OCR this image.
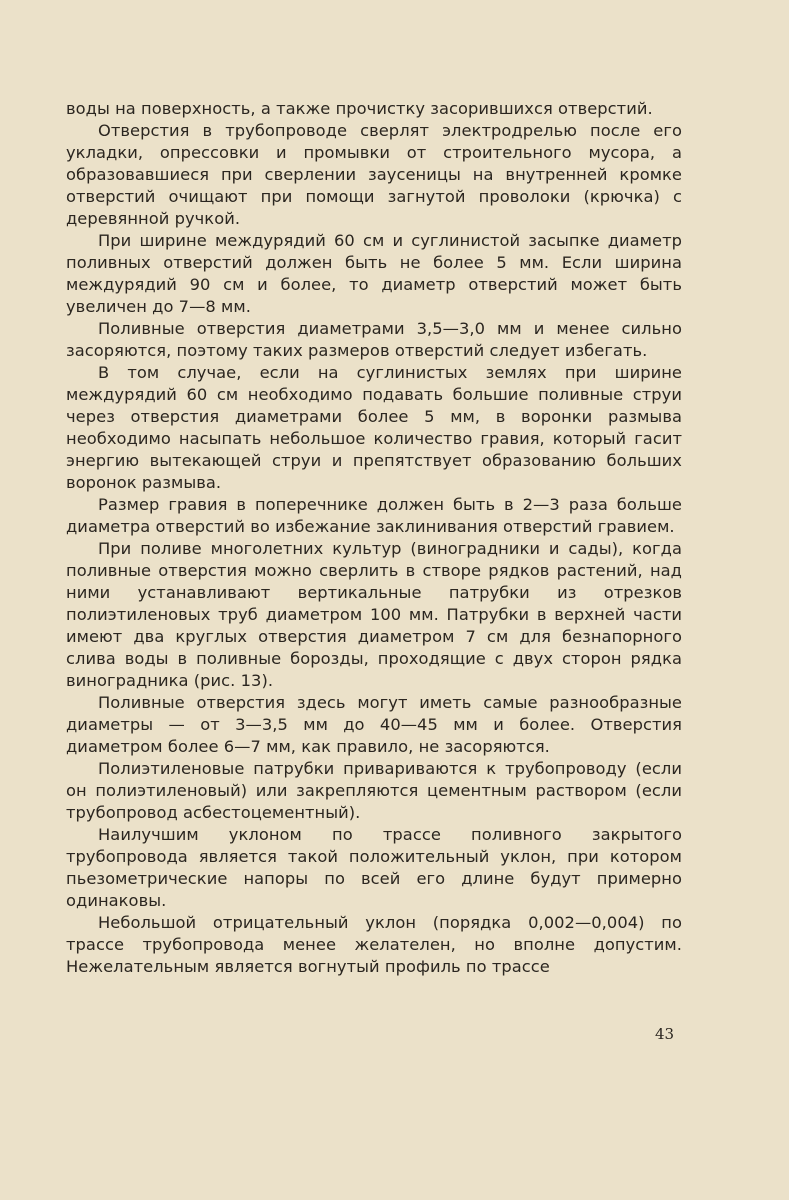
воды на поверхность, а также прочистку засорившихся отверстий.

Отверстия в трубопроводе сверлят электродрелью после его укладки, опрессовки и промывки от строительного мусора, а образовавшиеся при сверлении заусеницы на внутренней кромке отверстий очищают при помощи загнутой проволоки (крючка) с деревянной ручкой.

При ширине междурядий 60 см и суглинистой засыпке диаметр поливных отверстий должен быть не более 5 мм. Если ширина междурядий 90 см и более, то диаметр отверстий может быть увеличен до 7—8 мм.

Поливные отверстия диаметрами 3,5—3,0 мм и менее сильно засоряются, поэтому таких размеров отверстий следует избегать.

В том случае, если на суглинистых землях при ширине междурядий 60 см необходимо подавать большие поливные струи через отверстия диаметрами более 5 мм, в воронки размыва необходимо насыпать небольшое количество гравия, который гасит энергию вытекающей струи и препятствует образованию больших воронок размыва.

Размер гравия в поперечнике должен быть в 2—3 раза больше диаметра отверстий во избежание заклинивания отверстий гравием.

При поливе многолетних культур (виноградники и сады), когда поливные отверстия можно сверлить в створе рядков растений, над ними устанавливают вертикальные патрубки из отрезков полиэтиленовых труб диаметром 100 мм. Патрубки в верхней части имеют два круглых отверстия диаметром 7 см для безнапорного слива воды в поливные борозды, проходящие с двух сторон рядка виноградника (рис. 13).

Поливные отверстия здесь могут иметь самые разнообразные диаметры — от 3—3,5 мм до 40—45 мм и более. Отверстия диаметром более 6—7 мм, как правило, не засоряются.

Полиэтиленовые патрубки привариваются к трубопроводу (если он полиэтиленовый) или закрепляются цементным раствором (если трубопровод асбестоцементный).

Наилучшим уклоном по трассе поливного закрытого трубопровода является такой положительный уклон, при котором пьезометрические напоры по всей его длине будут примерно одинаковы.

Небольшой отрицательный уклон (порядка 0,002—0,004) по трассе трубопровода менее желателен, но вполне допустим. Нежелательным является вогнутый профиль по трассе

43
